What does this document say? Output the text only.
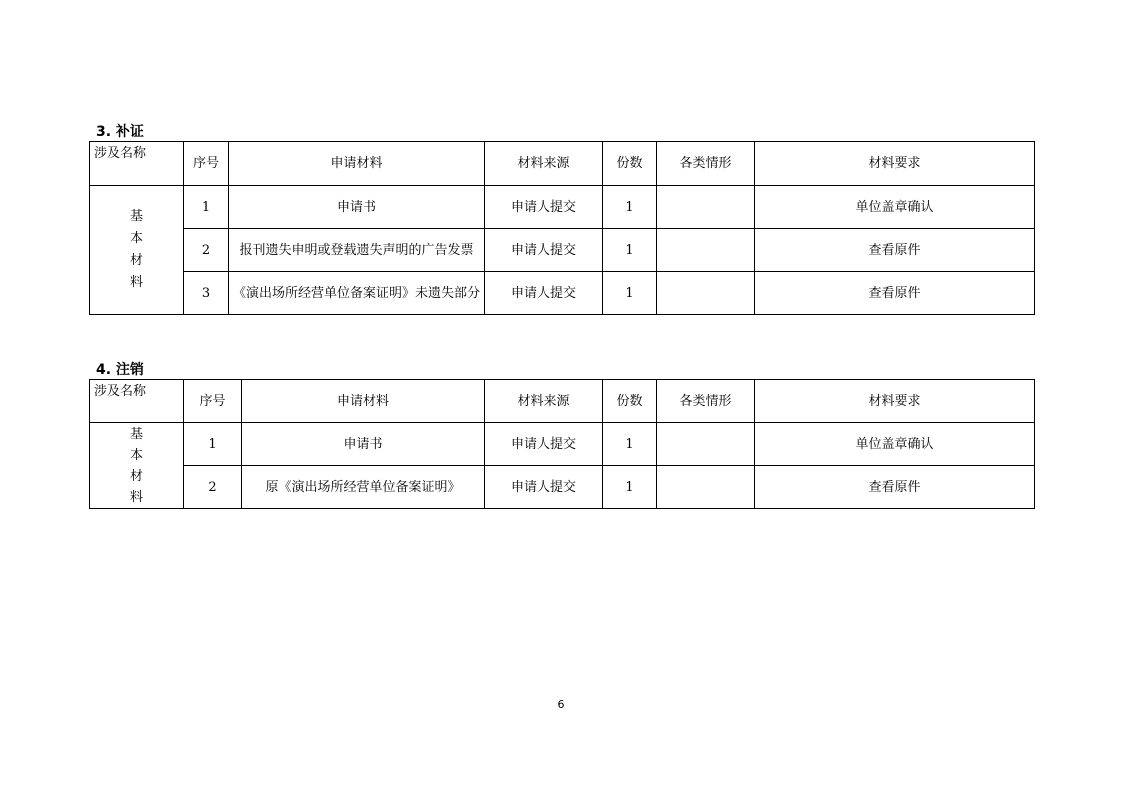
3. 补证
涉及名称	序号	申请材料	材料来源	份数	各类情形	材料要求

基
本
材
料	1	申请书	申请人提交	1		单位盖章确认
	2	报刊遗失申明或登载遗失声明的广告发票	申请人提交	1		查看原件
	3	《演出场所经营单位备案证明》未遗失部分	申请人提交	1		查看原件
4. 注销
涉及名称	序号	申请材料	材料来源	份数	各类情形	材料要求

基
本
材
料	1	申请书	申请人提交	1		单位盖章确认
	2	原《演出场所经营单位备案证明》	申请人提交	1		查看原件
6
